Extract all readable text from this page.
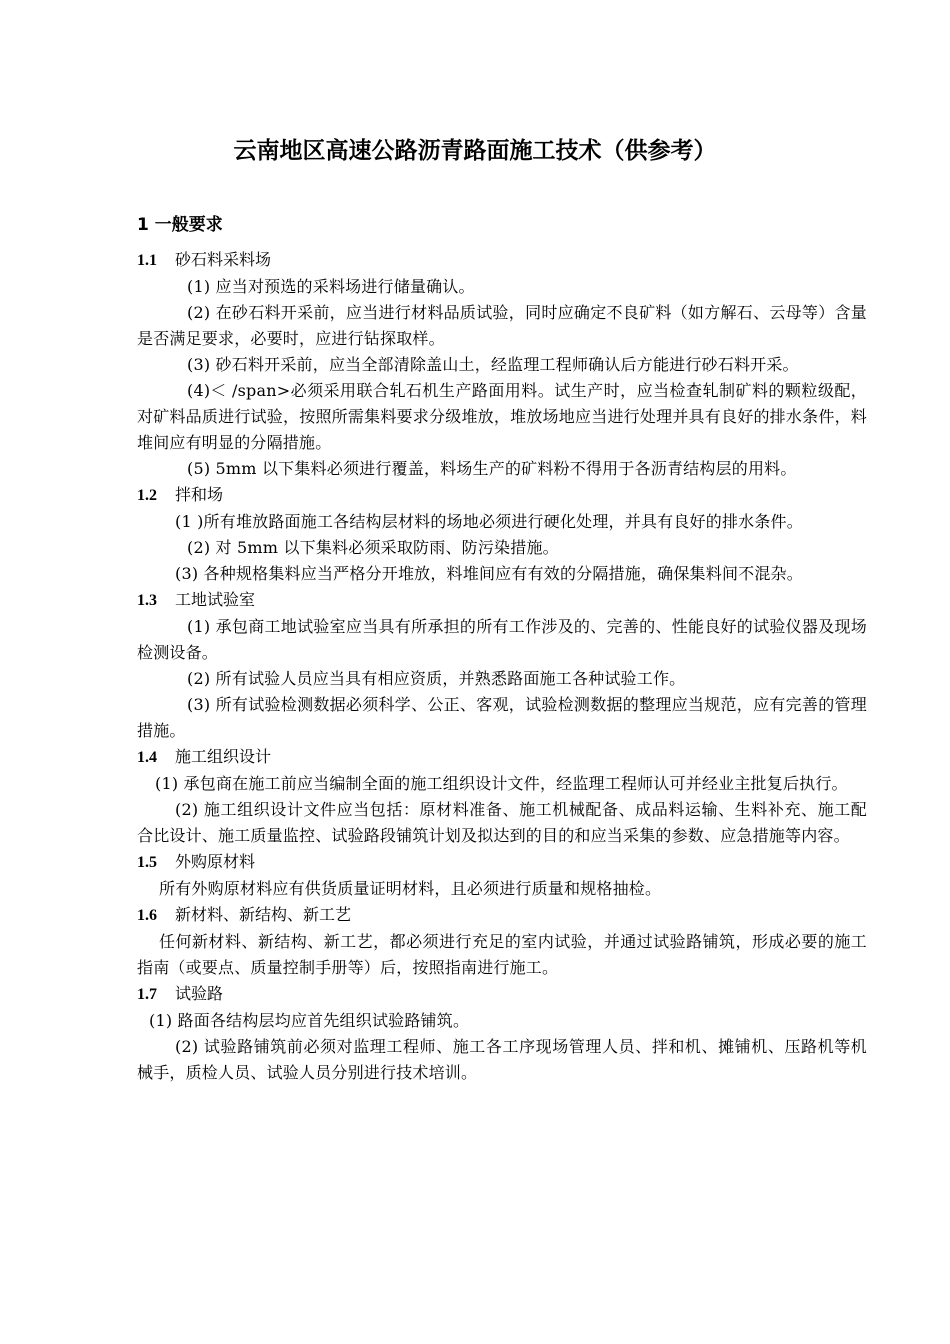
云南地区高速公路沥青路面施工技术（供参考）
1 一般要求
1.1 砂石料采料场

(1) 应当对预选的采料场进行储量确认。

(2) 在砂石料开采前，应当进行材料品质试验，同时应确定不良矿料（如方解石、云母等）含量是否满足要求，必要时，应进行钻探取样。

(3) 砂石料开采前，应当全部清除盖山土，经监理工程师确认后方能进行砂石料开采。

(4)＜ /span>必须采用联合轧石机生产路面用料。试生产时，应当检查轧制矿料的颗粒级配，对矿料品质进行试验，按照所需集料要求分级堆放，堆放场地应当进行处理并具有良好的排水条件，料堆间应有明显的分隔措施。

(5) 5mm 以下集料必须进行覆盖，料场生产的矿料粉不得用于各沥青结构层的用料。

1.2 拌和场

(1 )所有堆放路面施工各结构层材料的场地必须进行硬化处理，并具有良好的排水条件。

(2) 对 5mm 以下集料必须采取防雨、防污染措施。

(3) 各种规格集料应当严格分开堆放，料堆间应有有效的分隔措施，确保集料间不混杂。

1.3 工地试验室

(1) 承包商工地试验室应当具有所承担的所有工作涉及的、完善的、性能良好的试验仪器及现场检测设备。

(2) 所有试验人员应当具有相应资质，并熟悉路面施工各种试验工作。

(3) 所有试验检测数据必须科学、公正、客观，试验检测数据的整理应当规范，应有完善的管理措施。

1.4 施工组织设计

(1) 承包商在施工前应当编制全面的施工组织设计文件，经监理工程师认可并经业主批复后执行。

(2) 施工组织设计文件应当包括：原材料准备、施工机械配备、成品料运输、生料补充、施工配合比设计、施工质量监控、试验路段铺筑计划及拟达到的目的和应当采集的参数、应急措施等内容。

1.5 外购原材料

所有外购原材料应有供货质量证明材料，且必须进行质量和规格抽检。

1.6 新材料、新结构、新工艺

任何新材料、新结构、新工艺，都必须进行充足的室内试验，并通过试验路铺筑，形成必要的施工指南（或要点、质量控制手册等）后，按照指南进行施工。

1.7 试验路

(1) 路面各结构层均应首先组织试验路铺筑。

(2) 试验路铺筑前必须对监理工程师、施工各工序现场管理人员、拌和机、摊铺机、压路机等机械手，质检人员、试验人员分别进行技术培训。
